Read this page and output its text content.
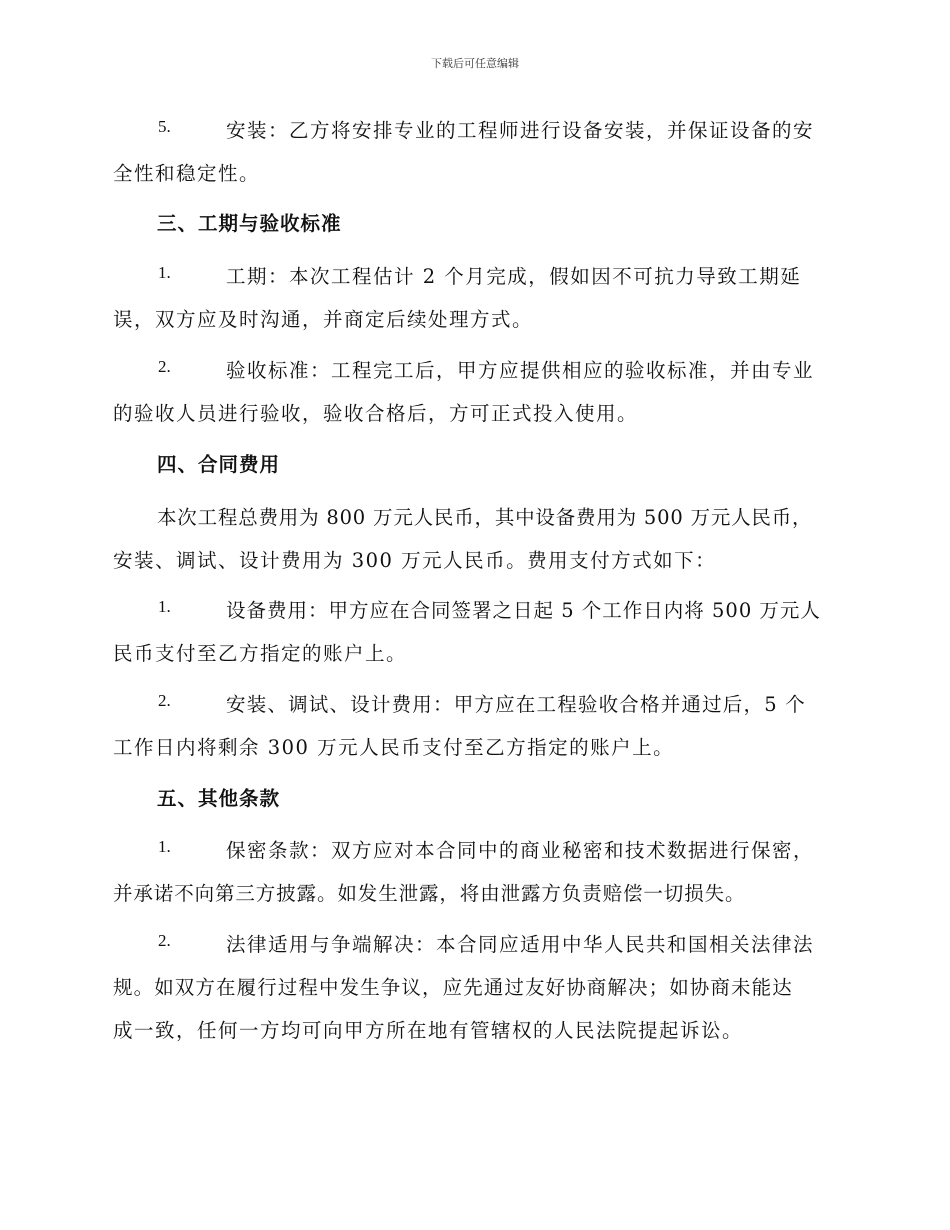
下载后可任意编辑
5.	安装：乙方将安排专业的工程师进行设备安装，并保证设备的安
全性和稳定性。
三、工期与验收标准
1.	工期：本次工程估计 2 个月完成，假如因不可抗力导致工期延
误，双方应及时沟通，并商定后续处理方式。
2.	验收标准：工程完工后，甲方应提供相应的验收标准，并由专业
的验收人员进行验收，验收合格后，方可正式投入使用。
四、合同费用
本次工程总费用为 800 万元人民币，其中设备费用为 500 万元人民币，
安装、调试、设计费用为 300 万元人民币。费用支付方式如下：
1.	设备费用：甲方应在合同签署之日起 5 个工作日内将 500 万元人
民币支付至乙方指定的账户上。
2.	安装、调试、设计费用：甲方应在工程验收合格并通过后，5 个
工作日内将剩余 300 万元人民币支付至乙方指定的账户上。
五、其他条款
1.	保密条款：双方应对本合同中的商业秘密和技术数据进行保密，
并承诺不向第三方披露。如发生泄露，将由泄露方负责赔偿一切损失。
2.	法律适用与争端解决：本合同应适用中华人民共和国相关法律法
规。如双方在履行过程中发生争议，应先通过友好协商解决；如协商未能达
成一致，任何一方均可向甲方所在地有管辖权的人民法院提起诉讼。
